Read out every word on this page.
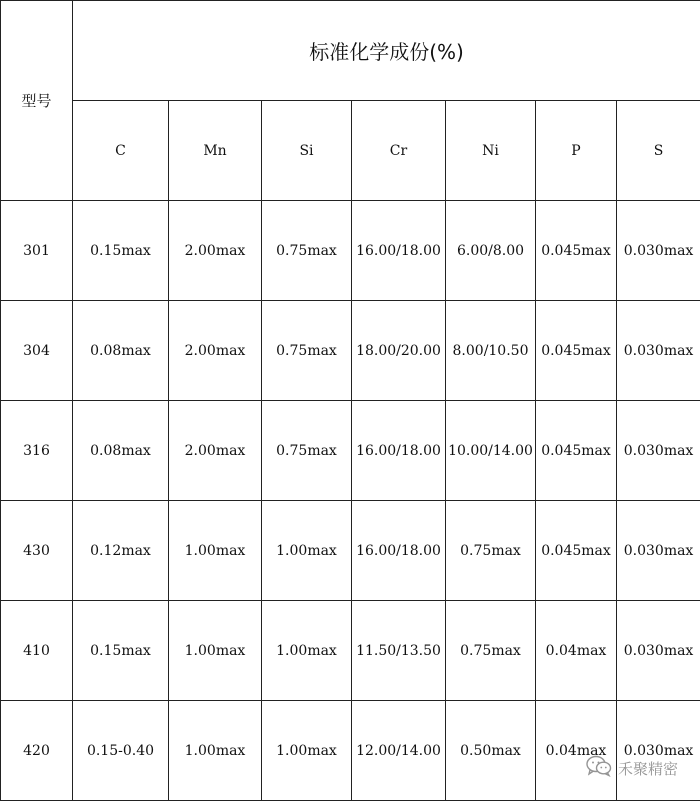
型号	标准化学成份(%)						
	C	Mn	Si	Cr	Ni	P	S
301	0.15max	2.00max	0.75max	16.00/18.00	6.00/8.00	0.045max	0.030max
304	0.08max	2.00max	0.75max	18.00/20.00	8.00/10.50	0.045max	0.030max
316	0.08max	2.00max	0.75max	16.00/18.00	10.00/14.00	0.045max	0.030max
430	0.12max	1.00max	1.00max	16.00/18.00	0.75max	0.045max	0.030max
410	0.15max	1.00max	1.00max	11.50/13.50	0.75max	0.04max	0.030max
420	0.15-0.40	1.00max	1.00max	12.00/14.00	0.50max	0.04max	0.030max
禾聚精密
